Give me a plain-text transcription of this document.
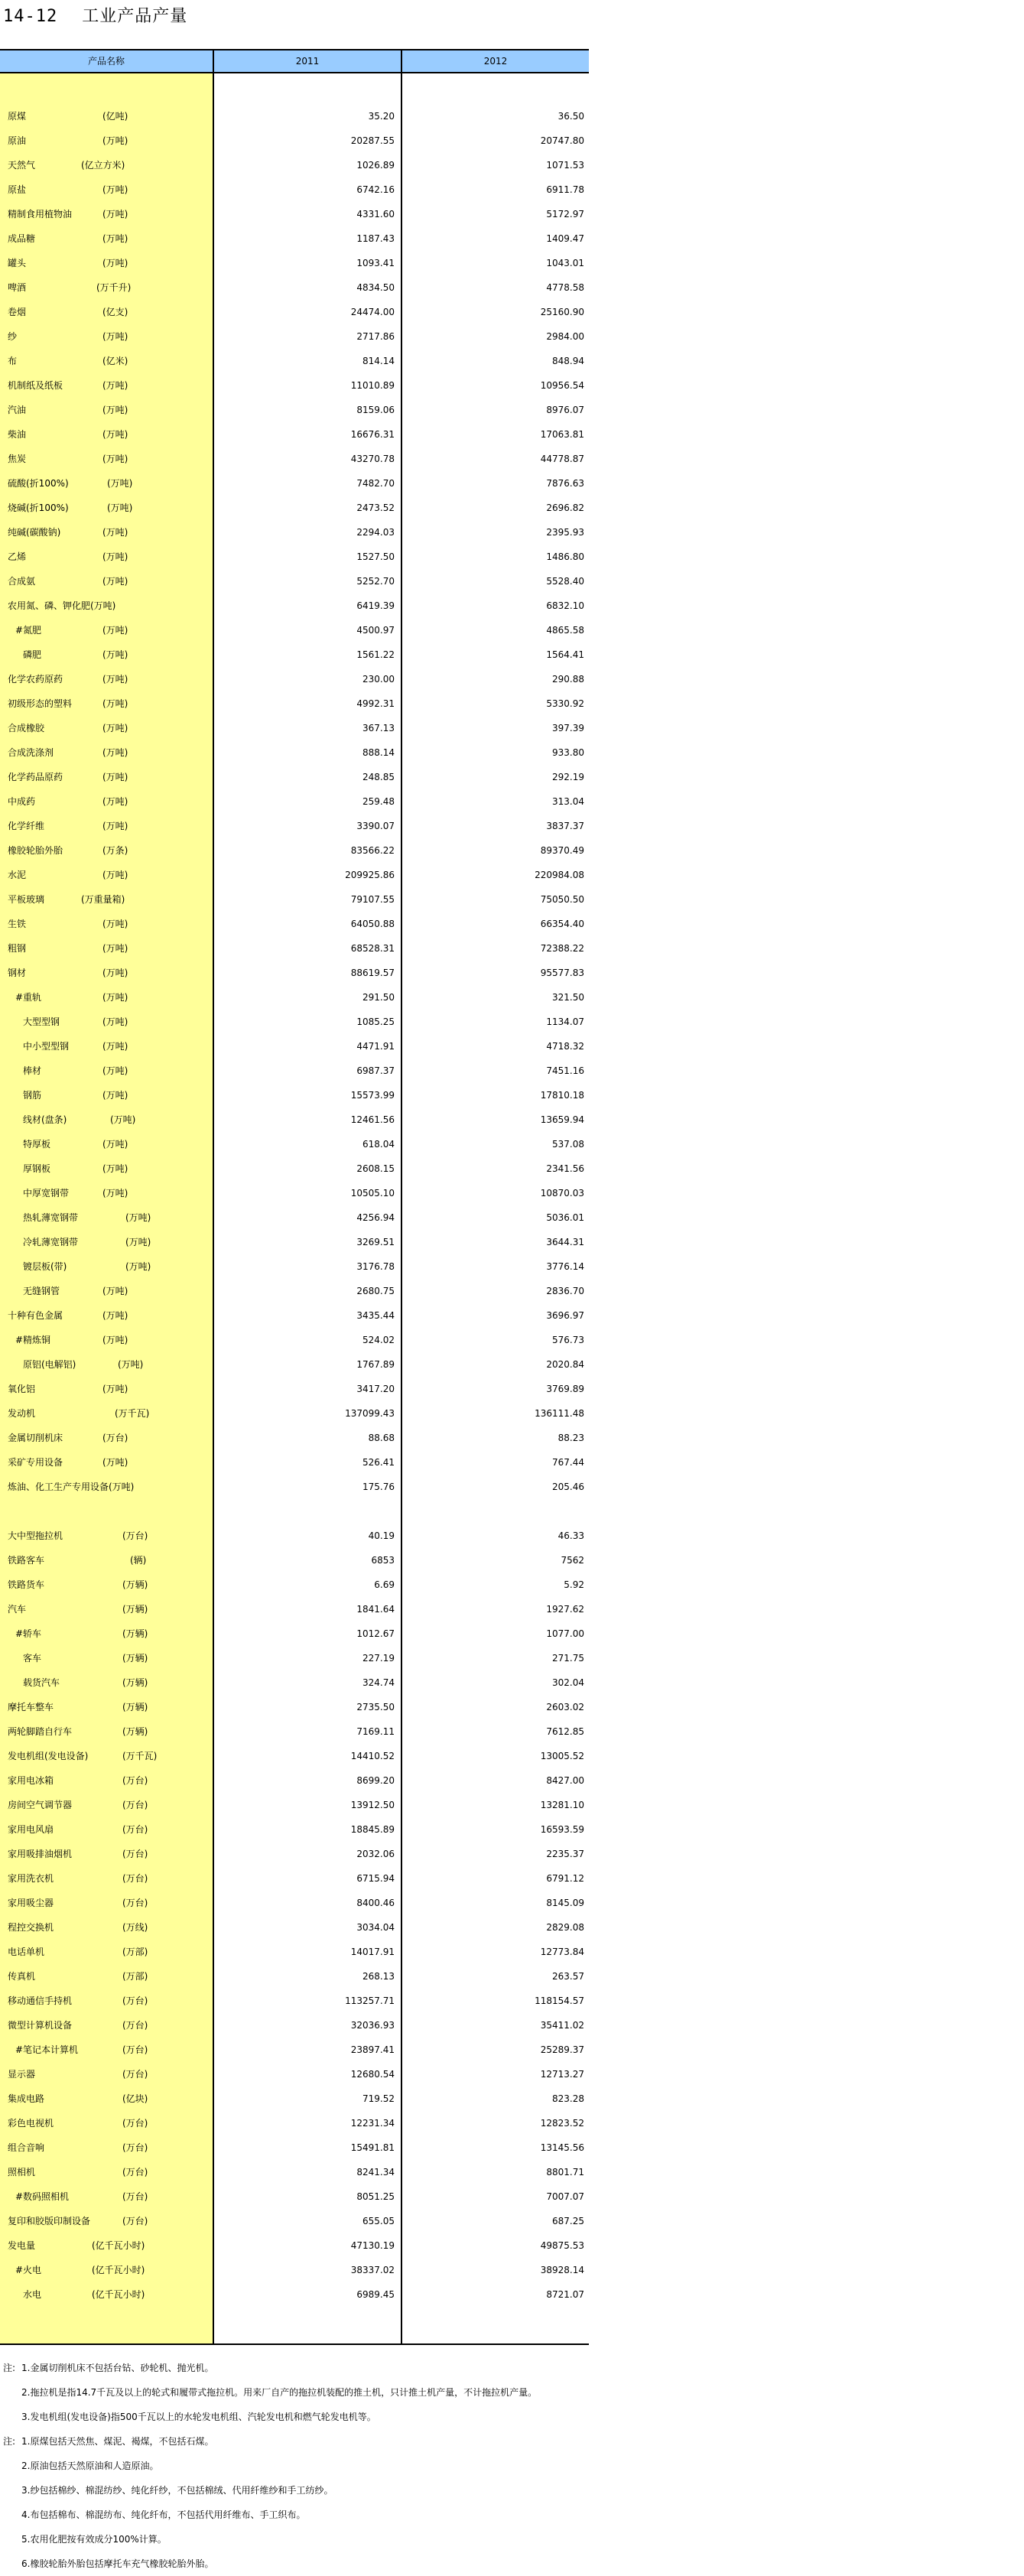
14-12 工业产品产量
产品名称	2011	2012
原煤	(亿吨)	35.20	36.50
原油	(万吨)	20287.55	20747.80
天然气	(亿立方米)	1026.89	1071.53
原盐	(万吨)	6742.16	6911.78
精制食用植物油	(万吨)	4331.60	5172.97
成品糖	(万吨)	1187.43	1409.47
罐头	(万吨)	1093.41	1043.01
啤酒	(万千升)	4834.50	4778.58
卷烟	(亿支)	24474.00	25160.90
纱	(万吨)	2717.86	2984.00
布	(亿米)	814.14	848.94
机制纸及纸板	(万吨)	11010.89	10956.54
汽油	(万吨)	8159.06	8976.07
柴油	(万吨)	16676.31	17063.81
焦炭	(万吨)	43270.78	44778.87
硫酸(折100%)	(万吨)	7482.70	7876.63
烧碱(折100%)	(万吨)	2473.52	2696.82
纯碱(碳酸钠)	(万吨)	2294.03	2395.93
乙烯	(万吨)	1527.50	1486.80
合成氨	(万吨)	5252.70	5528.40
农用氮、磷、钾化肥(万吨)	6419.39	6832.10
#氮肥	(万吨)	4500.97	4865.58
磷肥	(万吨)	1561.22	1564.41
化学农药原药	(万吨)	230.00	290.88
初级形态的塑料	(万吨)	4992.31	5330.92
合成橡胶	(万吨)	367.13	397.39
合成洗涤剂	(万吨)	888.14	933.80
化学药品原药	(万吨)	248.85	292.19
中成药	(万吨)	259.48	313.04
化学纤维	(万吨)	3390.07	3837.37
橡胶轮胎外胎	(万条)	83566.22	89370.49
水泥	(万吨)	209925.86	220984.08
平板玻璃	(万重量箱)	79107.55	75050.50
生铁	(万吨)	64050.88	66354.40
粗钢	(万吨)	68528.31	72388.22
钢材	(万吨)	88619.57	95577.83
#重轨	(万吨)	291.50	321.50
大型型钢	(万吨)	1085.25	1134.07
中小型型钢	(万吨)	4471.91	4718.32
棒材	(万吨)	6987.37	7451.16
钢筋	(万吨)	15573.99	17810.18
线材(盘条)	(万吨)	12461.56	13659.94
特厚板	(万吨)	618.04	537.08
厚钢板	(万吨)	2608.15	2341.56
中厚宽钢带	(万吨)	10505.10	10870.03
热轧薄宽钢带	(万吨)	4256.94	5036.01
冷轧薄宽钢带	(万吨)	3269.51	3644.31
镀层板(带)	(万吨)	3176.78	3776.14
无缝钢管	(万吨)	2680.75	2836.70
十种有色金属	(万吨)	3435.44	3696.97
#精炼铜	(万吨)	524.02	576.73
原铝(电解铝)	(万吨)	1767.89	2020.84
氧化铝	(万吨)	3417.20	3769.89
发动机	(万千瓦)	137099.43	136111.48
金属切削机床	(万台)	88.68	88.23
采矿专用设备	(万吨)	526.41	767.44
炼油、化工生产专用设备(万吨)	175.76	205.46
大中型拖拉机	(万台)	40.19	46.33
铁路客车	(辆)	6853	7562
铁路货车	(万辆)	6.69	5.92
汽车	(万辆)	1841.64	1927.62
#轿车	(万辆)	1012.67	1077.00
客车	(万辆)	227.19	271.75
载货汽车	(万辆)	324.74	302.04
摩托车整车	(万辆)	2735.50	2603.02
两轮脚踏自行车	(万辆)	7169.11	7612.85
发电机组(发电设备)	(万千瓦)	14410.52	13005.52
家用电冰箱	(万台)	8699.20	8427.00
房间空气调节器	(万台)	13912.50	13281.10
家用电风扇	(万台)	18845.89	16593.59
家用吸排油烟机	(万台)	2032.06	2235.37
家用洗衣机	(万台)	6715.94	6791.12
家用吸尘器	(万台)	8400.46	8145.09
程控交换机	(万线)	3034.04	2829.08
电话单机	(万部)	14017.91	12773.84
传真机	(万部)	268.13	263.57
移动通信手持机	(万台)	113257.71	118154.57
微型计算机设备	(万台)	32036.93	35411.02
#笔记本计算机	(万台)	23897.41	25289.37
显示器	(万台)	12680.54	12713.27
集成电路	(亿块)	719.52	823.28
彩色电视机	(万台)	12231.34	12823.52
组合音响	(万台)	15491.81	13145.56
照相机	(万台)	8241.34	8801.71
#数码照相机	(万台)	8051.25	7007.07
复印和胶版印制设备	(万台)	655.05	687.25
发电量	(亿千瓦小时)	47130.19	49875.53
#火电	(亿千瓦小时)	38337.02	38928.14
水电	(亿千瓦小时)	6989.45	8721.07
注: 1.金属切削机床不包括台钻、砂轮机、抛光机。
2.拖拉机是指14.7千瓦及以上的轮式和履带式拖拉机。用来厂自产的拖拉机装配的推土机，只计推土机产量，不计拖拉机产量。
3.发电机组(发电设备)指500千瓦以上的水轮发电机组、汽轮发电机和燃气轮发电机等。
注: 1.原煤包括天然焦、煤泥、褐煤，不包括石煤。
2.原油包括天然原油和人造原油。
3.纱包括棉纱、棉混纺纱、纯化纤纱，不包括棉绒、代用纤维纱和手工纺纱。
4.布包括棉布、棉混纺布、纯化纤布，不包括代用纤维布、手工织布。
5.农用化肥按有效成分100%计算。
6.橡胶轮胎外胎包括摩托车充气橡胶轮胎外胎。
